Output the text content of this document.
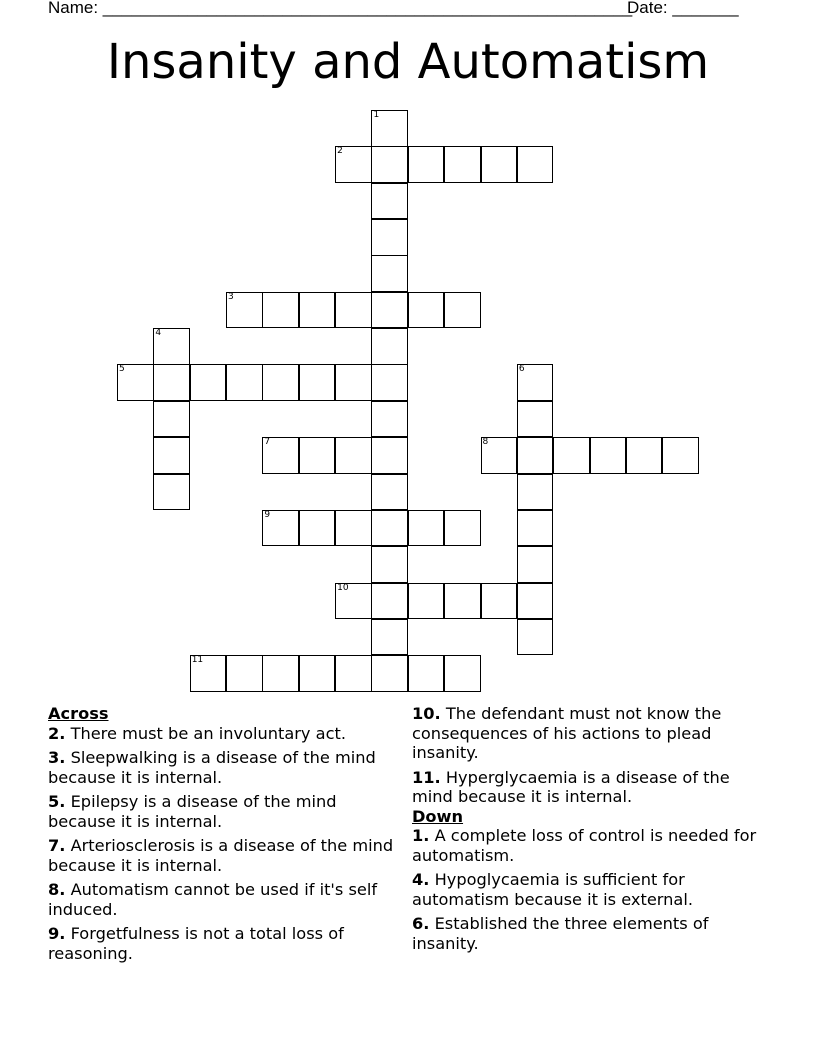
Name: ________________________________________________________
Date: _______
Insanity and Automatism
1
2
3
4
5	6
7	8
9
10
11

Across

2. There must be an involuntary act.

3. Sleepwalking is a disease of the mind because it is internal.

5. Epilepsy is a disease of the mind because it is internal.

7. Arteriosclerosis is a disease of the mind because it is internal.

8. Automatism cannot be used if it's self induced.

9. Forgetfulness is not a total loss of reasoning.

10. The defendant must not know the consequences of his actions to plead insanity.

11. Hyperglycaemia is a disease of the mind because it is internal.

Down

1. A complete loss of control is needed for automatism.

4. Hypoglycaemia is sufficient for automatism because it is external.

6. Established the three elements of insanity.
